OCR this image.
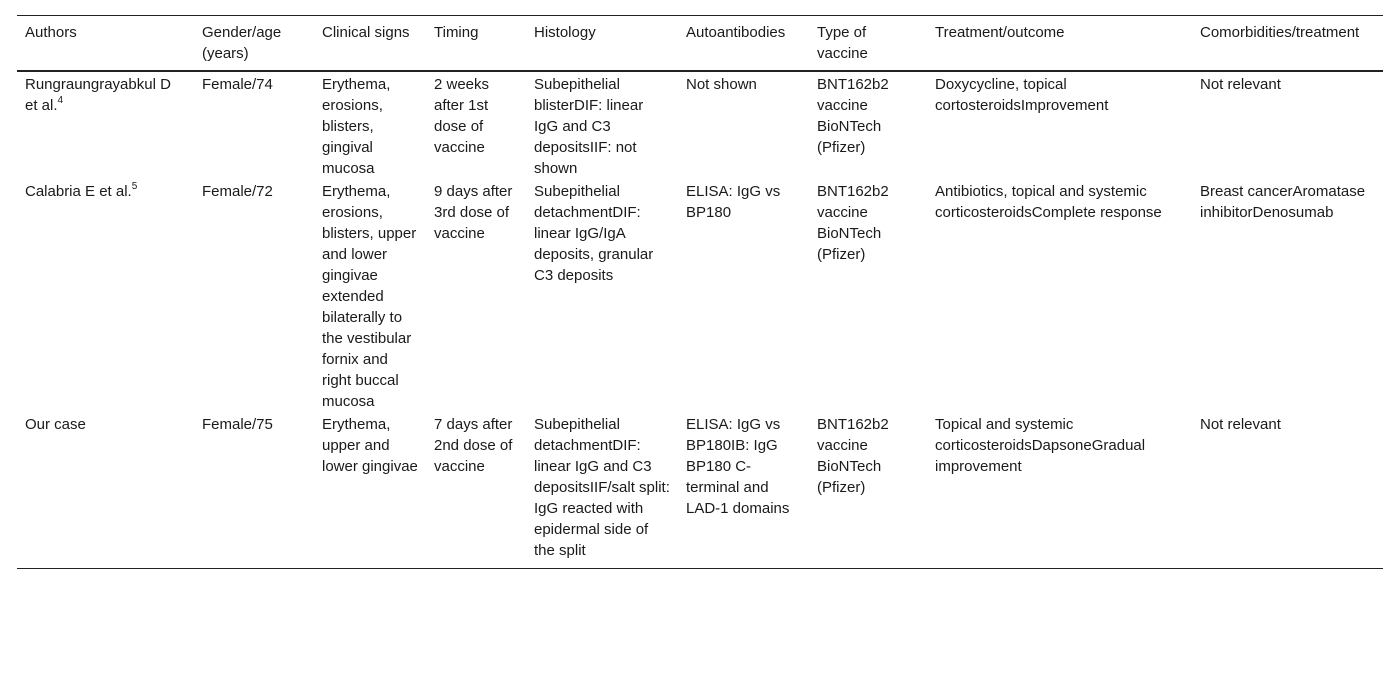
Authors	Gender/age (years)	Clinical signs	Timing	Histology	Autoantibodies	Type of vaccine	Treatment/outcome	Comorbidities/treatment
Rungraungrayabkul D et al.$^4$	Female/74	Erythema, erosions, blisters, gingival mucosa	2 weeks after 1st dose of vaccine	Subepithelial blisterDIF: linear IgG and C3 depositsIIF: not shown	Not shown	BNT162b2 vaccine BioNTech (Pfizer)	Doxycycline, topical cortosteroidsImprovement	Not relevant
Calabria E et al.$^5$	Female/72	Erythema, erosions, blisters, upper and lower gingivae extended bilaterally to the vestibular fornix and right buccal mucosa	9 days after 3rd dose of vaccine	Subepithelial detachmentDIF: linear IgG/IgA deposits, granular C3 deposits	ELISA: IgG vs BP180	BNT162b2 vaccine BioNTech (Pfizer)	Antibiotics, topical and systemic corticosteroidsComplete response	Breast cancerAromatase inhibitorDenosumab
Our case	Female/75	Erythema, upper and lower gingivae	7 days after 2nd dose of vaccine	Subepithelial detachmentDIF: linear IgG and C3 depositsIIF/salt split: IgG reacted with epidermal side of the split	ELISA: IgG vs BP180IB: IgG BP180 C-terminal and LAD-1 domains	BNT162b2 vaccine BioNTech (Pfizer)	Topical and systemic corticosteroidsDapsoneGradual improvement	Not relevant
